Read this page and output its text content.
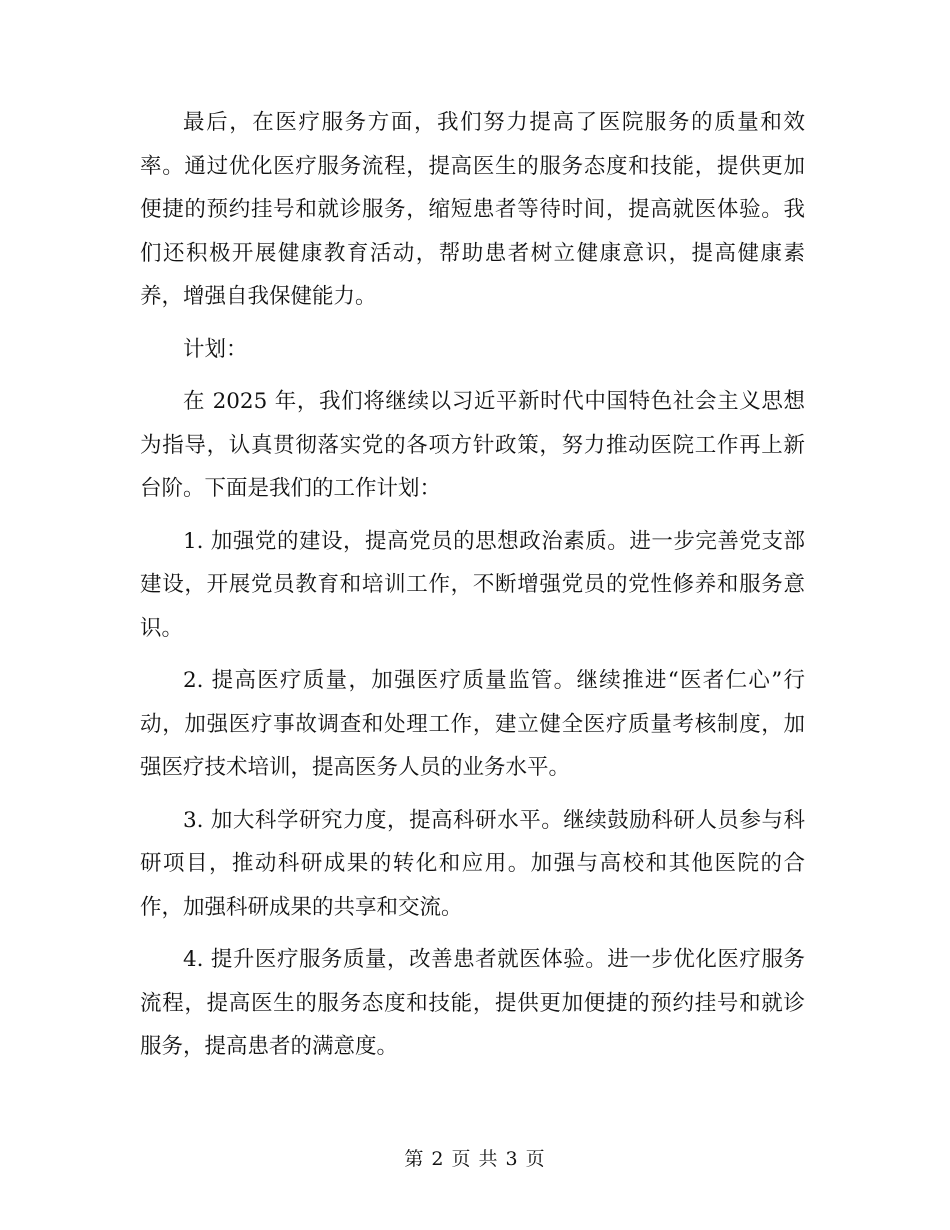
最后，在医疗服务方面，我们努力提高了医院服务的质量和效率。通过优化医疗服务流程，提高医生的服务态度和技能，提供更加便捷的预约挂号和就诊服务，缩短患者等待时间，提高就医体验。我们还积极开展健康教育活动，帮助患者树立健康意识，提高健康素养，增强自我保健能力。

计划：

在 2025 年，我们将继续以习近平新时代中国特色社会主义思想为指导，认真贯彻落实党的各项方针政策，努力推动医院工作再上新台阶。下面是我们的工作计划：

1. 加强党的建设，提高党员的思想政治素质。进一步完善党支部建设，开展党员教育和培训工作，不断增强党员的党性修养和服务意识。

2. 提高医疗质量，加强医疗质量监管。继续推进“医者仁心”行动，加强医疗事故调查和处理工作，建立健全医疗质量考核制度，加强医疗技术培训，提高医务人员的业务水平。

3. 加大科学研究力度，提高科研水平。继续鼓励科研人员参与科研项目，推动科研成果的转化和应用。加强与高校和其他医院的合作，加强科研成果的共享和交流。

4. 提升医疗服务质量，改善患者就医体验。进一步优化医疗服务流程，提高医生的服务态度和技能，提供更加便捷的预约挂号和就诊服务，提高患者的满意度。

第 2 页 共 3 页
